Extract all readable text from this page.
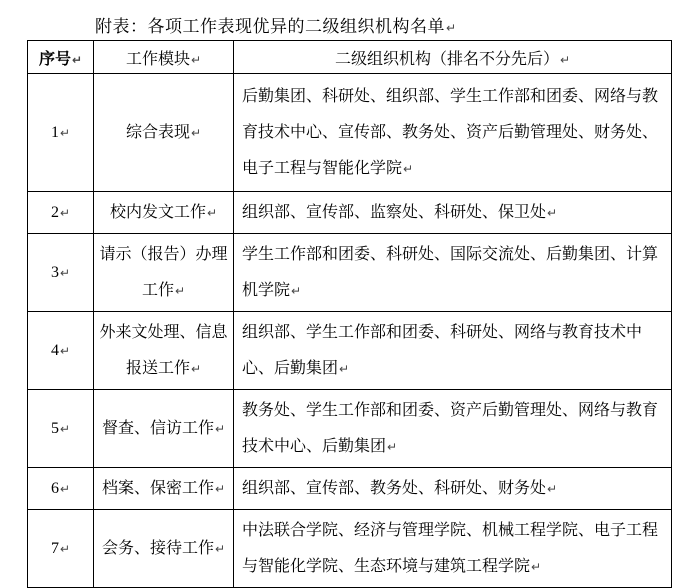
附表：各项工作表现优异的二级组织机构名单↵
序号↵	工作模块↵	二级组织机构（排名不分先后）↵
1↵	综合表现↵	后勤集团、科研处、组织部、学生工作部和团委、网络与教育技术中心、宣传部、教务处、资产后勤管理处、财务处、电子工程与智能化学院↵
2↵	校内发文工作↵	组织部、宣传部、监察处、科研处、保卫处↵
3↵	请示（报告）办理工作↵	学生工作部和团委、科研处、国际交流处、后勤集团、计算机学院↵
4↵	外来文处理、信息报送工作↵	组织部、学生工作部和团委、科研处、网络与教育技术中心、后勤集团↵
5↵	督查、信访工作↵	教务处、学生工作部和团委、资产后勤管理处、网络与教育技术中心、后勤集团↵
6↵	档案、保密工作↵	组织部、宣传部、教务处、科研处、财务处↵
7↵	会务、接待工作↵	中法联合学院、经济与管理学院、机械工程学院、电子工程与智能化学院、生态环境与建筑工程学院↵
